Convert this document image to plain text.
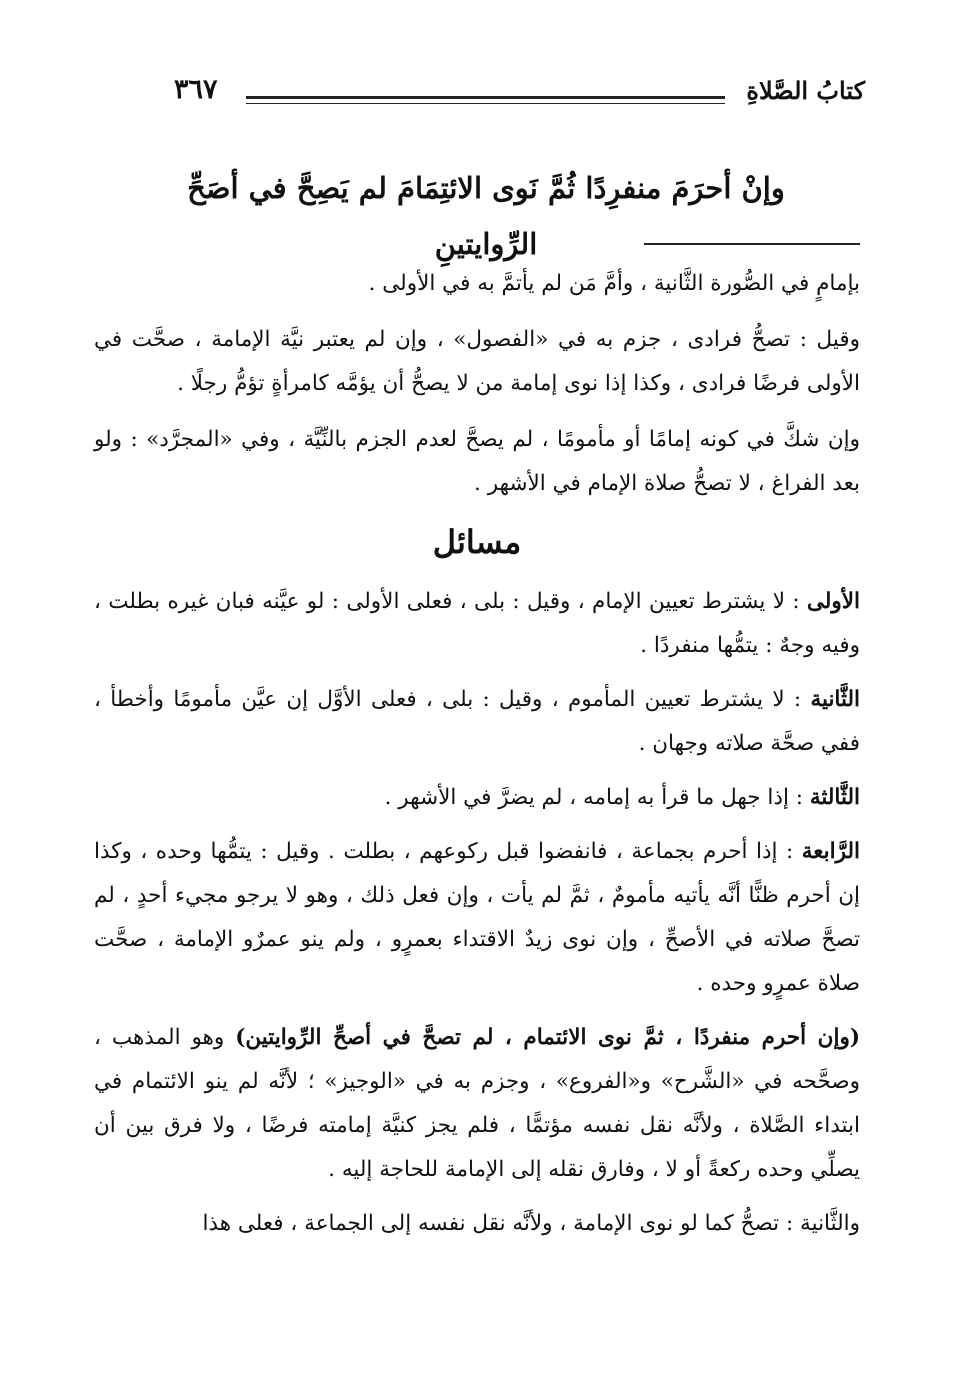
كتابُ الصَّلاةِ
٣٦٧
وإنْ أحرَمَ منفرِدًا ثُمَّ نَوى الائتِمَامَ لم يَصِحَّ في أصَحِّ الرِّوايتينِ

بإمامٍ في الصُّورة الثَّانية ، وأمَّ مَن لم يأتمَّ به في الأولى .

وقيل : تصحُّ فرادى ، جزم به في «الفصول» ، وإن لم يعتبر نيَّة الإمامة ، صحَّت في الأولى فرضًا فرادى ، وكذا إذا نوى إمامة من لا يصحُّ أن يؤمَّه كامرأةٍ تؤمُّ رجلًا .

وإن شكَّ في كونه إمامًا أو مأمومًا ، لم يصحَّ لعدم الجزم بالنِّيَّة ، وفي «المجرَّد» : ولو بعد الفراغ ، لا تصحُّ صلاة الإمام في الأشهر .

مسائل

الأولى : لا يشترط تعيين الإمام ، وقيل : بلى ، فعلى الأولى : لو عيَّنه فبان غيره بطلت ، وفيه وجهٌ : يتمُّها منفردًا .

الثَّانية : لا يشترط تعيين المأموم ، وقيل : بلى ، فعلى الأوَّل إن عيَّن مأمومًا وأخطأ ، ففي صحَّة صلاته وجهان .

الثَّالثة : إذا جهل ما قرأ به إمامه ، لم يضرَّ في الأشهر .

الرَّابعة : إذا أحرم بجماعة ، فانفضوا قبل ركوعهم ، بطلت . وقيل : يتمُّها وحده ، وكذا إن أحرم ظنًّا أنَّه يأتيه مأمومٌ ، ثمَّ لم يأت ، وإن فعل ذلك ، وهو لا يرجو مجيء أحدٍ ، لم تصحَّ صلاته في الأصحِّ ، وإن نوى زيدٌ الاقتداء بعمرٍو ، ولم ينو عمرٌو الإمامة ، صحَّت صلاة عمرٍو وحده .

(وإن أحرم منفردًا ، ثمَّ نوى الائتمام ، لم تصحَّ في أصحِّ الرِّوايتين) وهو المذهب ، وصحَّحه في «الشَّرح» و«الفروع» ، وجزم به في «الوجيز» ؛ لأنَّه لم ينو الائتمام في ابتداء الصَّلاة ، ولأنَّه نقل نفسه مؤتمًّا ، فلم يجز كنيَّة إمامته فرضًا ، ولا فرق بين أن يصلِّي وحده ركعةً أو لا ، وفارق نقله إلى الإمامة للحاجة إليه .

والثَّانية : تصحُّ كما لو نوى الإمامة ، ولأنَّه نقل نفسه إلى الجماعة ، فعلى هذا
